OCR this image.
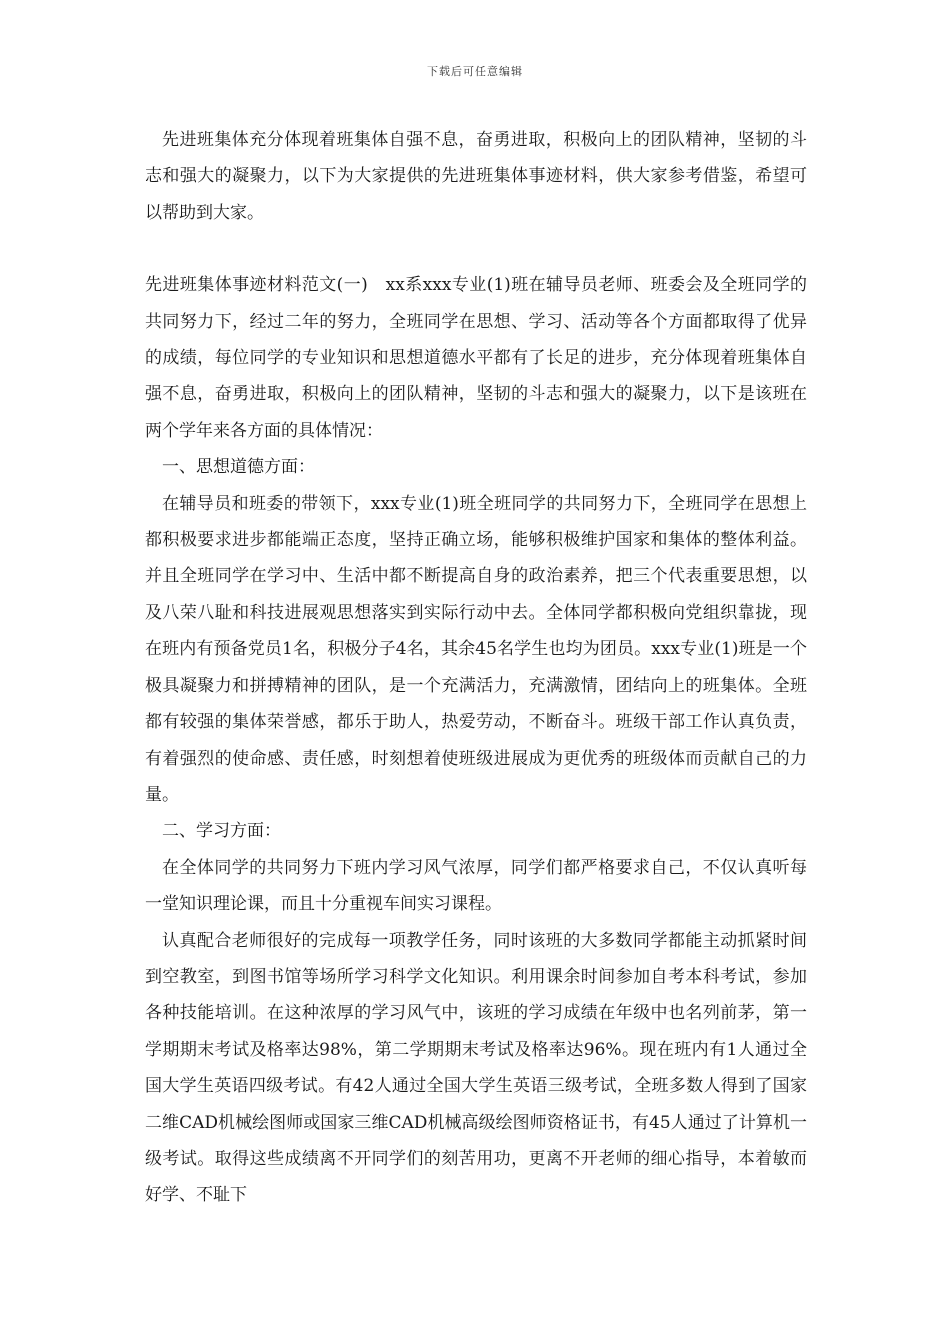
下载后可任意编辑

先进班集体充分体现着班集体自强不息，奋勇进取，积极向上的团队精神，坚韧的斗志和强大的凝聚力，以下为大家提供的先进班集体事迹材料，供大家参考借鉴，希望可以帮助到大家。

先进班集体事迹材料范文(一)　xx系xxx专业(1)班在辅导员老师、班委会及全班同学的共同努力下，经过二年的努力，全班同学在思想、学习、活动等各个方面都取得了优异的成绩，每位同学的专业知识和思想道德水平都有了长足的进步，充分体现着班集体自强不息，奋勇进取，积极向上的团队精神，坚韧的斗志和强大的凝聚力，以下是该班在两个学年来各方面的具体情况：

一、思想道德方面：

在辅导员和班委的带领下，xxx专业(1)班全班同学的共同努力下，全班同学在思想上都积极要求进步都能端正态度，坚持正确立场，能够积极维护国家和集体的整体利益。并且全班同学在学习中、生活中都不断提高自身的政治素养，把三个代表重要思想，以及八荣八耻和科技进展观思想落实到实际行动中去。全体同学都积极向党组织靠拢，现在班内有预备党员1名，积极分子4名，其余45名学生也均为团员。xxx专业(1)班是一个极具凝聚力和拼搏精神的团队，是一个充满活力，充满激情，团结向上的班集体。全班都有较强的集体荣誉感，都乐于助人，热爱劳动，不断奋斗。班级干部工作认真负责，有着强烈的使命感、责任感，时刻想着使班级进展成为更优秀的班级体而贡献自己的力量。

二、学习方面：

在全体同学的共同努力下班内学习风气浓厚，同学们都严格要求自己，不仅认真听每一堂知识理论课，而且十分重视车间实习课程。

认真配合老师很好的完成每一项教学任务，同时该班的大多数同学都能主动抓紧时间到空教室，到图书馆等场所学习科学文化知识。利用课余时间参加自考本科考试，参加各种技能培训。在这种浓厚的学习风气中，该班的学习成绩在年级中也名列前茅，第一学期期末考试及格率达98%，第二学期期末考试及格率达96%。现在班内有1人通过全国大学生英语四级考试。有42人通过全国大学生英语三级考试，全班多数人得到了国家二维CAD机械绘图师或国家三维CAD机械高级绘图师资格证书，有45人通过了计算机一级考试。取得这些成绩离不开同学们的刻苦用功，更离不开老师的细心指导，本着敏而好学、不耻下
